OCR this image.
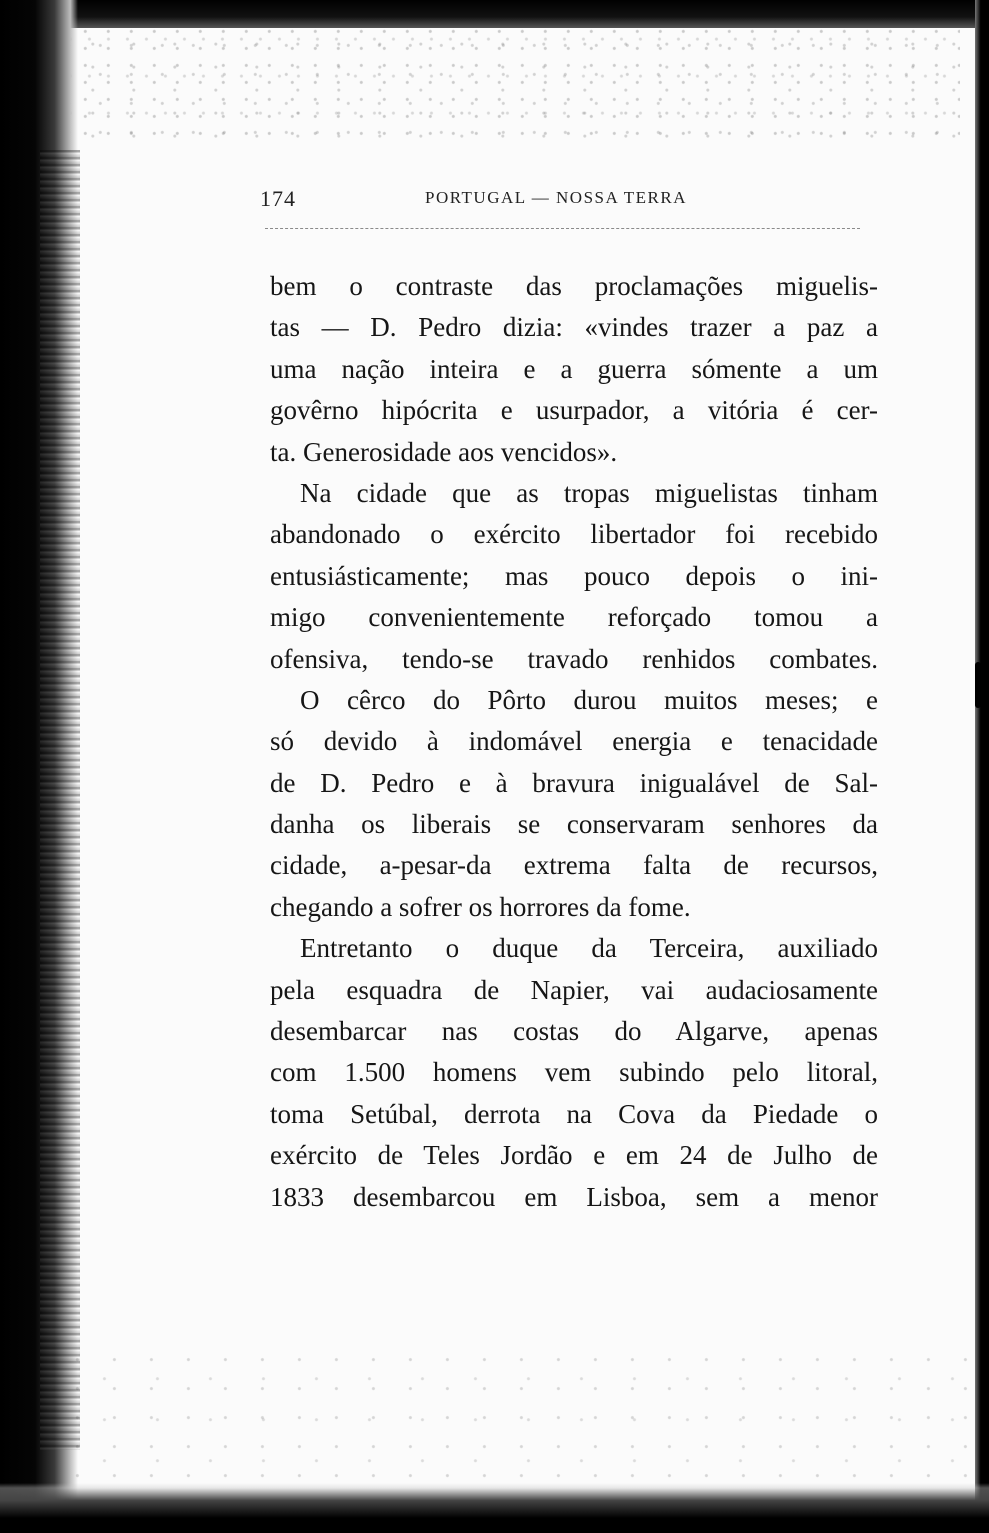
174	PORTUGAL — NOSSA TERRA
bem o contraste das proclamações miguelis-
tas — D. Pedro dizia: «vindes trazer a paz a
uma nação inteira e a guerra sómente a um
govêrno hipócrita e usurpador, a vitória é cer-
ta. Generosidade aos vencidos».
Na cidade que as tropas miguelistas tinham
abandonado o exército libertador foi recebido
entusiásticamente; mas pouco depois o ini-
migo convenientemente reforçado tomou a
ofensiva, tendo-se travado renhidos combates.
O cêrco do Pôrto durou muitos meses; e
só devido à indomável energia e tenacidade
de D. Pedro e à bravura inigualável de Sal-
danha os liberais se conservaram senhores da
cidade, a-pesar-da extrema falta de recursos,
chegando a sofrer os horrores da fome.
Entretanto o duque da Terceira, auxiliado
pela esquadra de Napier, vai audaciosamente
desembarcar nas costas do Algarve, apenas
com 1.500 homens vem subindo pelo litoral,
toma Setúbal, derrota na Cova da Piedade o
exército de Teles Jordão e em 24 de Julho de
1833 desembarcou em Lisboa, sem a menor
